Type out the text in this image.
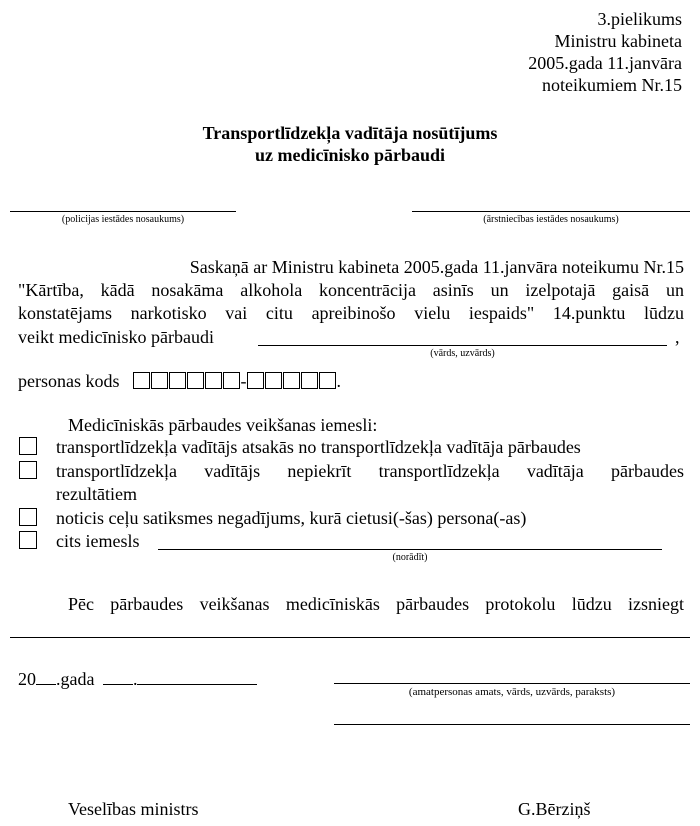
3.pielikums
Ministru kabineta
2005.gada 11.janvāra
noteikumiem Nr.15
Transportlīdzekļa vadītāja nosūtījums
uz medicīnisko pārbaudi
(policijas iestādes nosaukums)	(ārstniecības iestādes nosaukums)
Saskaņā ar Ministru kabineta 2005.gada 11.janvāra noteikumu Nr.15
"Kārtība, kādā nosakāma alkohola koncentrācija asinīs un izelpotajā gaisā un
konstatējams narkotisko vai citu apreibinošo vielu iespaids" 14.punktu lūdzu
veikt medicīnisko pārbaudi	,
(vārds, uzvārds)
personas kods	-	.
Medicīniskās pārbaudes veikšanas iemesli:
transportlīdzekļa vadītājs atsakās no transportlīdzekļa vadītāja pārbaudes
transportlīdzekļa vadītājs nepiekrīt transportlīdzekļa vadītāja pārbaudes
rezultātiem
noticis ceļu satiksmes negadījums, kurā cietusi(-šas) persona(-as)
cits iemesls
(norādīt)
Pēc pārbaudes veikšanas medicīniskās pārbaudes protokolu lūdzu izsniegt
20 .gada .
(amatpersonas amats, vārds, uzvārds, paraksts)
Veselības ministrs	G.Bērziņš
